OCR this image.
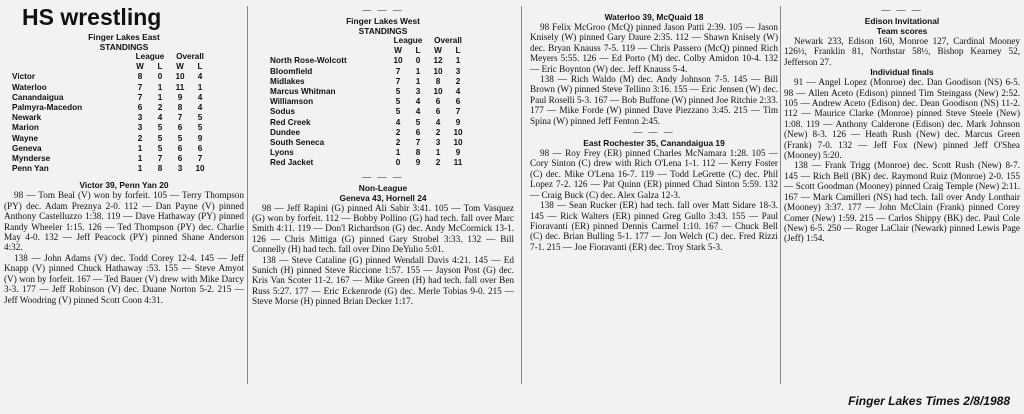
HS wrestling
Finger Lakes East
STANDINGS
	League		Overall	
	W	L	W	L
Victor	8	0	10	4
Waterloo	7	1	11	1
Canandaigua	7	1	9	4
Palmyra-Macedon	6	2	8	4
Newark	3	4	7	5
Marion	3	5	6	5
Wayne	2	5	5	9
Geneva	1	5	6	6
Mynderse	1	7	6	7
Penn Yan	1	8	3	10
Victor 39, Penn Yan 20

98 — Tom Beal (V) won by forfeit. 105 — Terry Thompson (PY) dec. Adam Preznya 2-0. 112 — Dan Payne (V) pinned Anthony Castelluzzo 1:38. 119 — Dave Hathaway (PY) pinned Randy Wheeler 1:15. 126 — Ted Thompson (PY) dec. Charlie May 4-0. 132 — Jeff Peacock (PY) pinned Shane Anderson 4:32.

138 — John Adams (V) dec. Todd Corey 12-4. 145 — Jeff Knapp (V) pinned Chuck Hathaway :53. 155 — Steve Amyot (V) won by forfeit. 167 — Ted Bauer (V) drew with Mike Darcy 3-3. 177 — Jeff Robinson (V) dec. Duane Norton 5-2. 215 — Jeff Woodring (V) pinned Scott Coon 4:31.

— — —
Finger Lakes West
STANDINGS
	League		Overall	
	W	L	W	L
North Rose-Wolcott	10	0	12	1
Bloomfield	7	1	10	3
Midlakes	7	1	8	2
Marcus Whitman	5	3	10	4
Williamson	5	4	6	6
Sodus	5	4	6	7
Red Creek	4	5	4	9
Dundee	2	6	2	10
South Seneca	2	7	3	10
Lyons	1	8	1	9
Red Jacket	0	9	2	11
— — —
Non-League
Geneva 43, Hornell 24

98 — Jeff Rapini (G) pinned Ali Sabir 3:41. 105 — Tom Vasquez (G) won by forfeit. 112 — Bobby Pollino (G) had tech. fall over Marc Smith 4:11. 119 — Don'l Richardson (G) dec. Andy McCormick 13-1. 126 — Chris Mittiga (G) pinned Gary Strobel 3:33. 132 — Bill Connelly (H) had tech. fall over Dino DeYulio 5:01.

138 — Steve Cataline (G) pinned Wendall Davis 4:21. 145 — Ed Sunich (H) pinned Steve Riccione 1:57. 155 — Jayson Post (G) dec. Kris Van Scoter 11-2. 167 — Mike Green (H) had tech. fall over Ben Russ 5:27. 177 — Eric Eckenrode (G) dec. Merle Tobias 9-0. 215 — Steve Morse (H) pinned Brian Decker 1:17.

Waterloo 39, McQuaid 18

98 Felix McGroo (McQ) pinned Jason Patti 2:39. 105 — Jason Knisely (W) pinned Gary Daure 2:35. 112 — Shawn Knisely (W) dec. Bryan Knauss 7-5. 119 — Chris Passero (McQ) pinned Rich Meyers 5:55. 126 — Ed Porto (M) dec. Colby Amidon 10-4. 132 — Eric Boynton (W) dec. Jeff Knauss 5-4.

138 — Rich Waldo (M) dec. Andy Johnson 7-5. 145 — Bill Brown (W) pinned Steve Tellino 3:16. 155 — Eric Jensen (W) dec. Paul Roselli 5-3. 167 — Bob Buffone (W) pinned Joe Ritchie 2:33. 177 — Mike Forde (W) pinned Dave Piezzano 3:45. 215 — Tim Spina (W) pinned Jeff Fenton 2:45.

— — —
East Rochester 35, Canandaigua 19

98 — Roy Frey (ER) pinned Charles McNamara 1:28. 105 — Cory Sinton (C) drew with Rich O'Lena 1-1. 112 — Kerry Foster (C) dec. Mike O'Lena 16-7. 119 — Todd LeGrette (C) dec. Phil Lopez 7-2. 126 — Pat Quinn (ER) pinned Chad Sinton 5:59. 132 — Craig Buck (C) dec. Alex Galza 12-3.

138 — Sean Rucker (ER) had tech. fall over Matt Sidare 18-3. 145 — Rick Walters (ER) pinned Greg Gullo 3:43. 155 — Paul Fioravanti (ER) pinned Dennis Carmel 1:10. 167 — Chuck Bell (C) dec. Brian Bulling 5-1. 177 — Jon Welch (C) dec. Fred Rizzi 7-1. 215 — Joe Fioravanti (ER) dec. Troy Stark 5-3.

— — —
Edison Invitational
Team scores

Newark 233, Edison 160, Monroe 127, Cardinal Mooney 126½, Franklin 81, Northstar 58½, Bishop Kearney 52, Jefferson 27.

Individual finals

91 — Angel Lopez (Monroe) dec. Dan Goodison (NS) 6-5. 98 — Allen Aceto (Edison) pinned Tim Steingass (New) 2:52. 105 — Andrew Aceto (Edison) dec. Dean Goodison (NS) 11-2. 112 — Maurice Clarke (Monroe) pinned Steve Steele (New) 1:08. 119 — Anthony Calderone (Edison) dec. Mark Johnson (New) 8-3. 126 — Heath Rush (New) dec. Marcus Green (Frank) 7-0. 132 — Jeff Fox (New) pinned Jeff O'Shea (Mooney) 5:20.

138 — Frank Trigg (Monroe) dec. Scott Rush (New) 8-7. 145 — Rich Bell (BK) dec. Raymond Ruiz (Monroe) 2-0. 155 — Scott Goodman (Mooney) pinned Craig Temple (New) 2:11. 167 — Mark Camilleri (NS) had tech. fall over Andy Lonthair (Mooney) 3:37. 177 — John McClain (Frank) pinned Corey Comer (New) 1:59. 215 — Carlos Shippy (BK) dec. Paul Cole (New) 6-5. 250 — Roger LaClair (Newark) pinned Lewis Page (Jeff) 1:54.

Finger Lakes Times 2/8/1988
